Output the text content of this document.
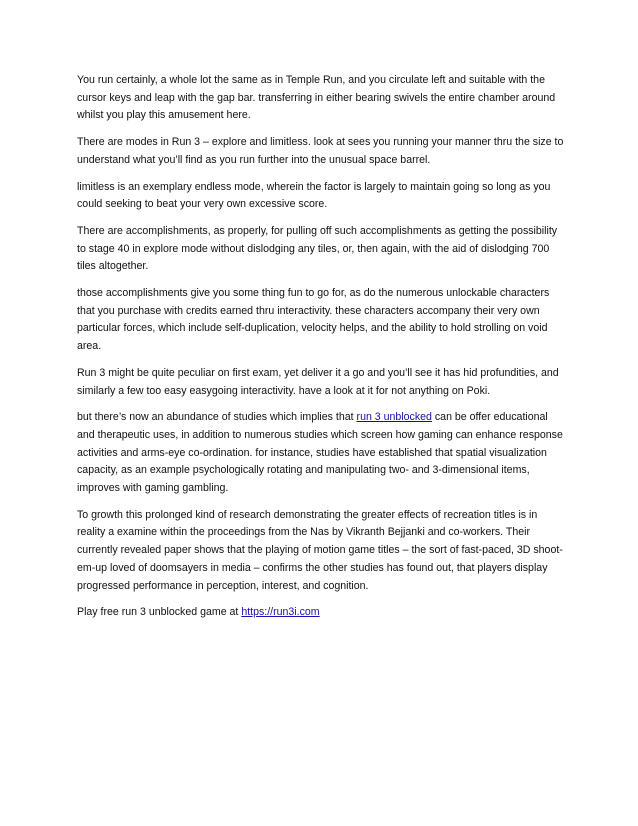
You run certainly, a whole lot the same as in Temple Run, and you circulate left and suitable with the cursor keys and leap with the gap bar. transferring in either bearing swivels the entire chamber around whilst you play this amusement here.

There are modes in Run 3 – explore and limitless. look at sees you running your manner thru the size to understand what you’ll find as you run further into the unusual space barrel.

limitless is an exemplary endless mode, wherein the factor is largely to maintain going so long as you could seeking to beat your very own excessive score.

There are accomplishments, as properly, for pulling off such accomplishments as getting the possibility to stage 40 in explore mode without dislodging any tiles, or, then again, with the aid of dislodging 700 tiles altogether.

those accomplishments give you some thing fun to go for, as do the numerous unlockable characters that you purchase with credits earned thru interactivity. these characters accompany their very own particular forces, which include self-duplication, velocity helps, and the ability to hold strolling on void area.

Run 3 might be quite peculiar on first exam, yet deliver it a go and you’ll see it has hid profundities, and similarly a few too easy easygoing interactivity. have a look at it for not anything on Poki.

but there’s now an abundance of studies which implies that run 3 unblocked can be offer educational and therapeutic uses, in addition to numerous studies which screen how gaming can enhance response activities and arms-eye co-ordination. for instance, studies have established that spatial visualization capacity, as an example psychologically rotating and manipulating two- and 3-dimensional items, improves with gaming gambling.

To growth this prolonged kind of research demonstrating the greater effects of recreation titles is in reality a examine within the proceedings from the Nas by Vikranth Bejjanki and co-workers. Their currently revealed paper shows that the playing of motion game titles – the sort of fast-paced, 3D shoot-em-up loved of doomsayers in media – confirms the other studies has found out, that players display progressed performance in perception, interest, and cognition.

Play free run 3 unblocked game at https://run3i.com
